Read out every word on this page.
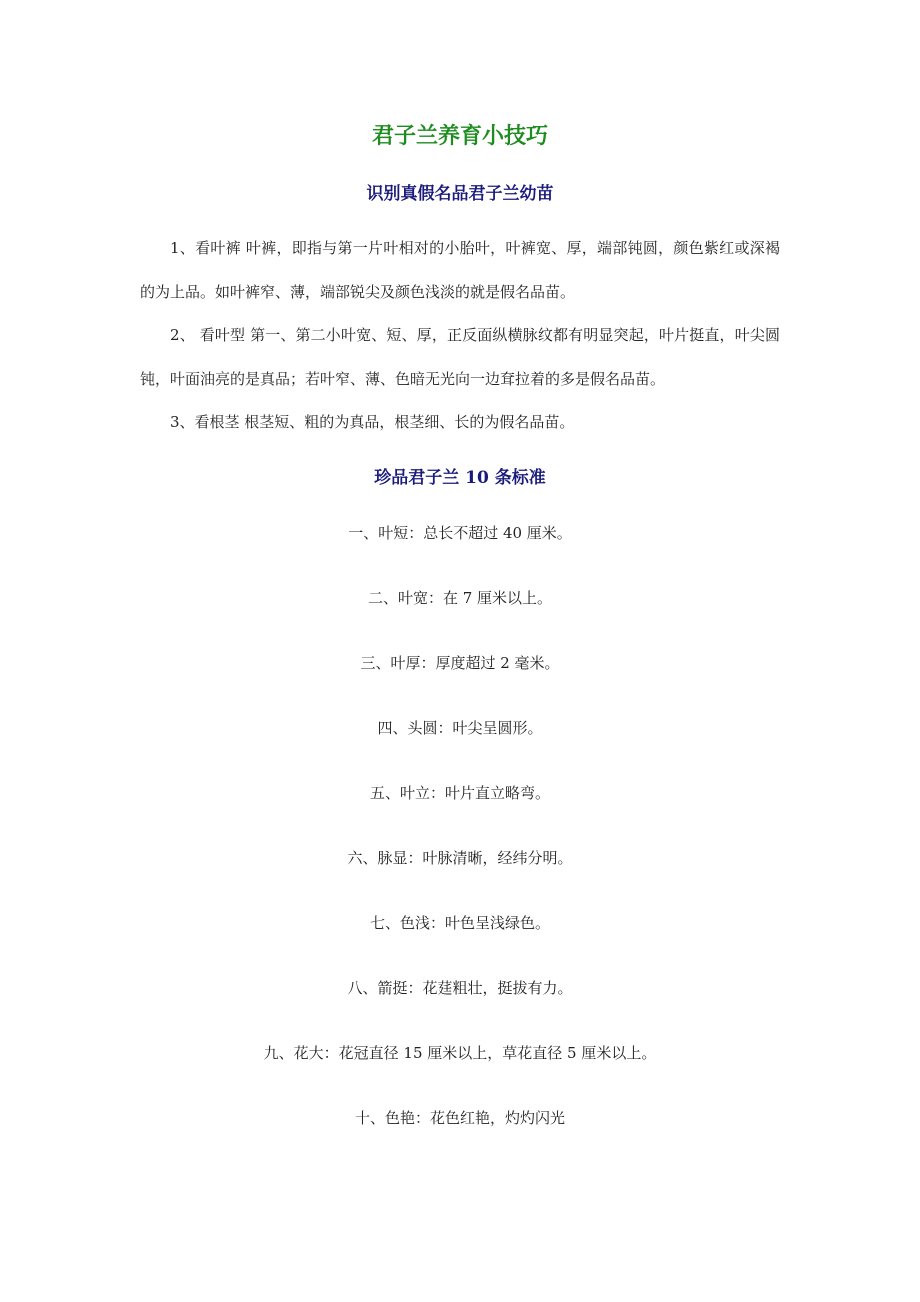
君子兰养育小技巧
识别真假名品君子兰幼苗

1、看叶裤 叶裤，即指与第一片叶相对的小胎叶，叶裤宽、厚，端部钝圆，颜色紫红或深褐的为上品。如叶裤窄、薄，端部锐尖及颜色浅淡的就是假名品苗。

2、 看叶型 第一、第二小叶宽、短、厚，正反面纵横脉纹都有明显突起，叶片挺直，叶尖圆钝，叶面油亮的是真品；若叶窄、薄、色暗无光向一边耷拉着的多是假名品苗。

3、看根茎 根茎短、粗的为真品，根茎细、长的为假名品苗。

珍品君子兰 10 条标准
一、叶短：总长不超过 40 厘米。
二、叶宽：在 7 厘米以上。
三、叶厚：厚度超过 2 毫米。
四、头圆：叶尖呈圆形。
五、叶立：叶片直立略弯。
六、脉显：叶脉清晰，经纬分明。
七、色浅：叶色呈浅绿色。
八、箭挺：花莛粗壮，挺拔有力。
九、花大：花冠直径 15 厘米以上，草花直径 5 厘米以上。
十、色艳：花色红艳，灼灼闪光
